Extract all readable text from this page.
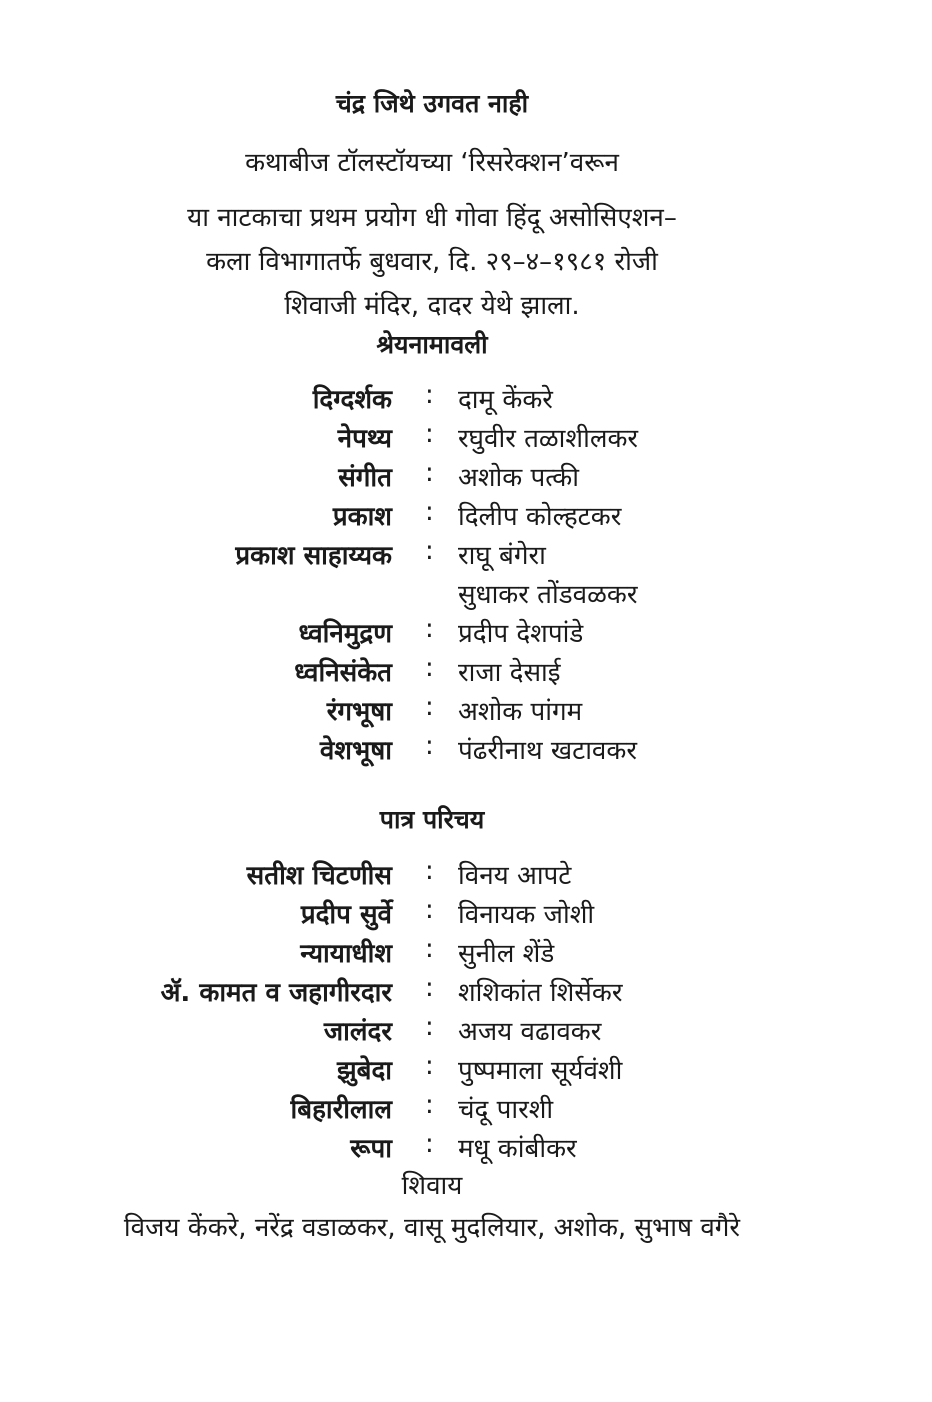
चंद्र जिथे उगवत नाही
कथाबीज टॉलस्टॉयच्या ‘रिसरेक्शन’वरून
या नाटकाचा प्रथम प्रयोग धी गोवा हिंदू असोसिएशन–
कला विभागातर्फे बुधवार, दि. २९–४–१९८१ रोजी
शिवाजी मंदिर, दादर येथे झाला.
श्रेयनामावली
दिग्दर्शक : दामू केंकरे
नेपथ्य : रघुवीर तळाशीलकर
संगीत : अशोक पत्की
प्रकाश : दिलीप कोल्हटकर
प्रकाश साहाय्यक : राघू बंगेरा
सुधाकर तोंडवळकर
ध्वनिमुद्रण : प्रदीप देशपांडे
ध्वनिसंकेत : राजा देसाई
रंगभूषा : अशोक पांगम
वेशभूषा : पंढरीनाथ खटावकर
पात्र परिचय
सतीश चिटणीस : विनय आपटे
प्रदीप सुर्वे : विनायक जोशी
न्यायाधीश : सुनील शेंडे
ॲ. कामत व जहागीरदार : शशिकांत शिर्सेकर
जालंदर : अजय वढावकर
झुबेदा : पुष्पमाला सूर्यवंशी
बिहारीलाल : चंदू पारशी
रूपा : मधू कांबीकर
शिवाय
विजय केंकरे, नरेंद्र वडाळकर, वासू मुदलियार, अशोक, सुभाष वगैरे
